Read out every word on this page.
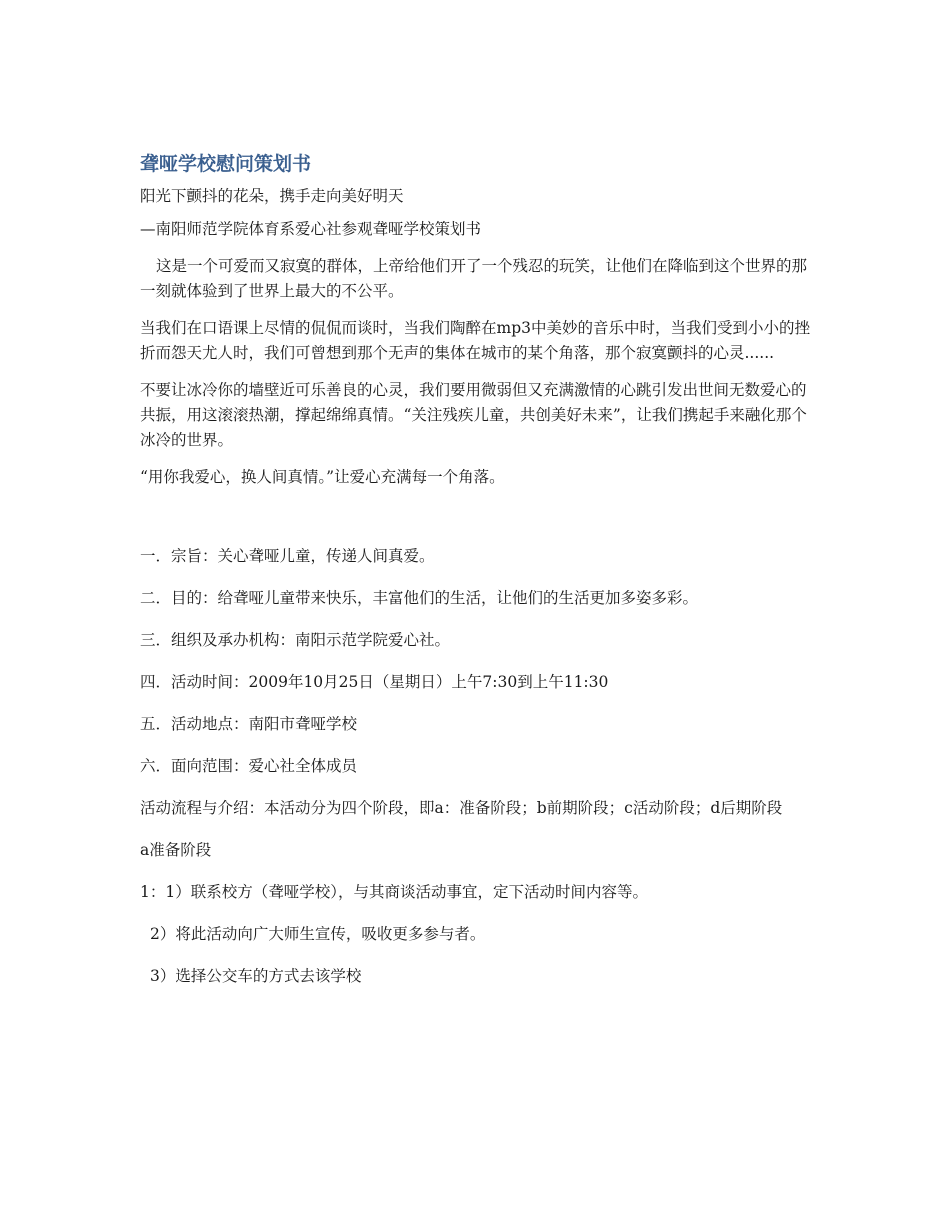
聋哑学校慰问策划书

阳光下颤抖的花朵，携手走向美好明天

—南阳师范学院体育系爱心社参观聋哑学校策划书

这是一个可爱而又寂寞的群体，上帝给他们开了一个残忍的玩笑，让他们在降临到这个世界的那一刻就体验到了世界上最大的不公平。

当我们在口语课上尽情的侃侃而谈时，当我们陶醉在mp3中美妙的音乐中时，当我们受到小小的挫折而怨天尤人时，我们可曾想到那个无声的集体在城市的某个角落，那个寂寞颤抖的心灵......

不要让冰冷你的墙壁近可乐善良的心灵，我们要用微弱但又充满激情的心跳引发出世间无数爱心的共振，用这滚滚热潮，撑起绵绵真情。“关注残疾儿童，共创美好未来”，让我们携起手来融化那个冰冷的世界。

“用你我爱心，换人间真情。”让爱心充满每一个角落。

一．宗旨：关心聋哑儿童，传递人间真爱。

二．目的：给聋哑儿童带来快乐，丰富他们的生活，让他们的生活更加多姿多彩。

三．组织及承办机构：南阳示范学院爱心社。

四．活动时间：2009年10月25日（星期日）上午7:30到上午11:30

五．活动地点：南阳市聋哑学校

六．面向范围：爱心社全体成员

活动流程与介绍：本活动分为四个阶段，即a：准备阶段；b前期阶段；c活动阶段；d后期阶段

a准备阶段

1：1）联系校方（聋哑学校），与其商谈活动事宜，定下活动时间内容等。

2）将此活动向广大师生宣传，吸收更多参与者。

3）选择公交车的方式去该学校
